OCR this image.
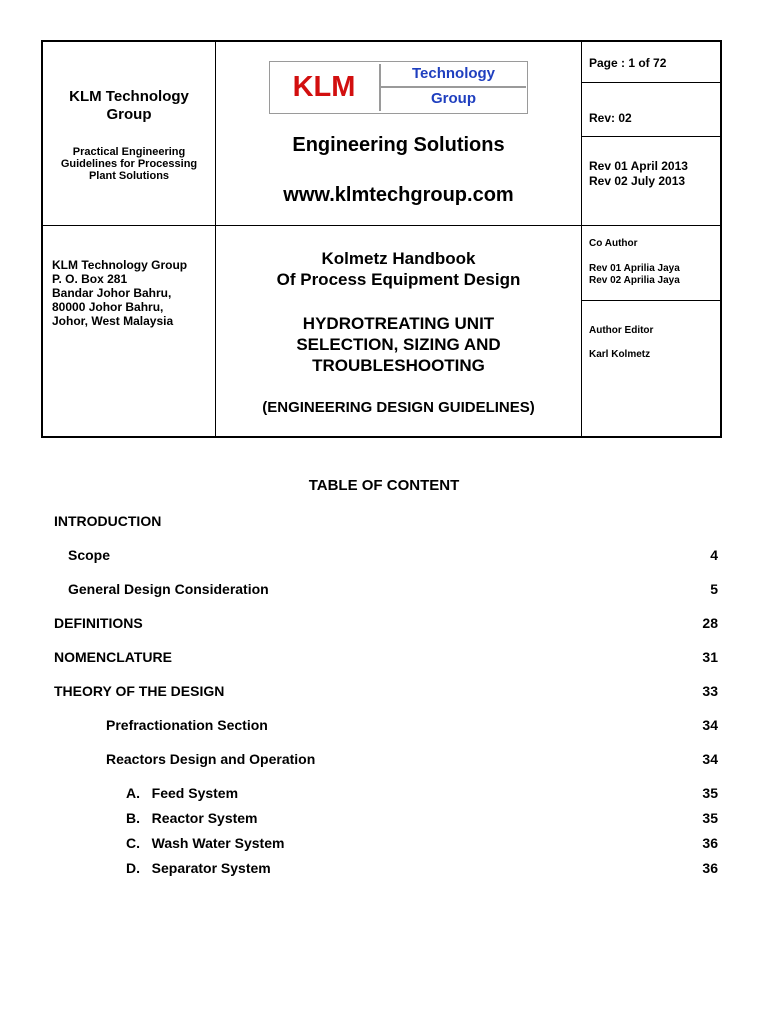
KLM Technology
Group
Practical Engineering
Guidelines for Processing
Plant Solutions
KLM	Technology
Group
Engineering Solutions
www.klmtechgroup.com
Page : 1 of 72
Rev: 02
Rev 01 April 2013
Rev 02 July 2013
KLM Technology Group
P. O. Box 281
Bandar Johor Bahru,
80000 Johor Bahru,
Johor, West Malaysia
Kolmetz Handbook
Of Process Equipment Design
HYDROTREATING UNIT
SELECTION, SIZING AND
TROUBLESHOOTING
(ENGINEERING DESIGN GUIDELINES)
Co Author
Rev 01 Aprilia Jaya
Rev 02 Aprilia Jaya
Author Editor
Karl Kolmetz
TABLE OF CONTENT
INTRODUCTION
Scope	4
General Design Consideration	5
DEFINITIONS	28
NOMENCLATURE	31
THEORY OF THE DESIGN	33
Prefractionation Section	34
Reactors Design and Operation	34
A.   Feed System	35
B.   Reactor System	35
C.   Wash Water System	36
D.   Separator System	36
